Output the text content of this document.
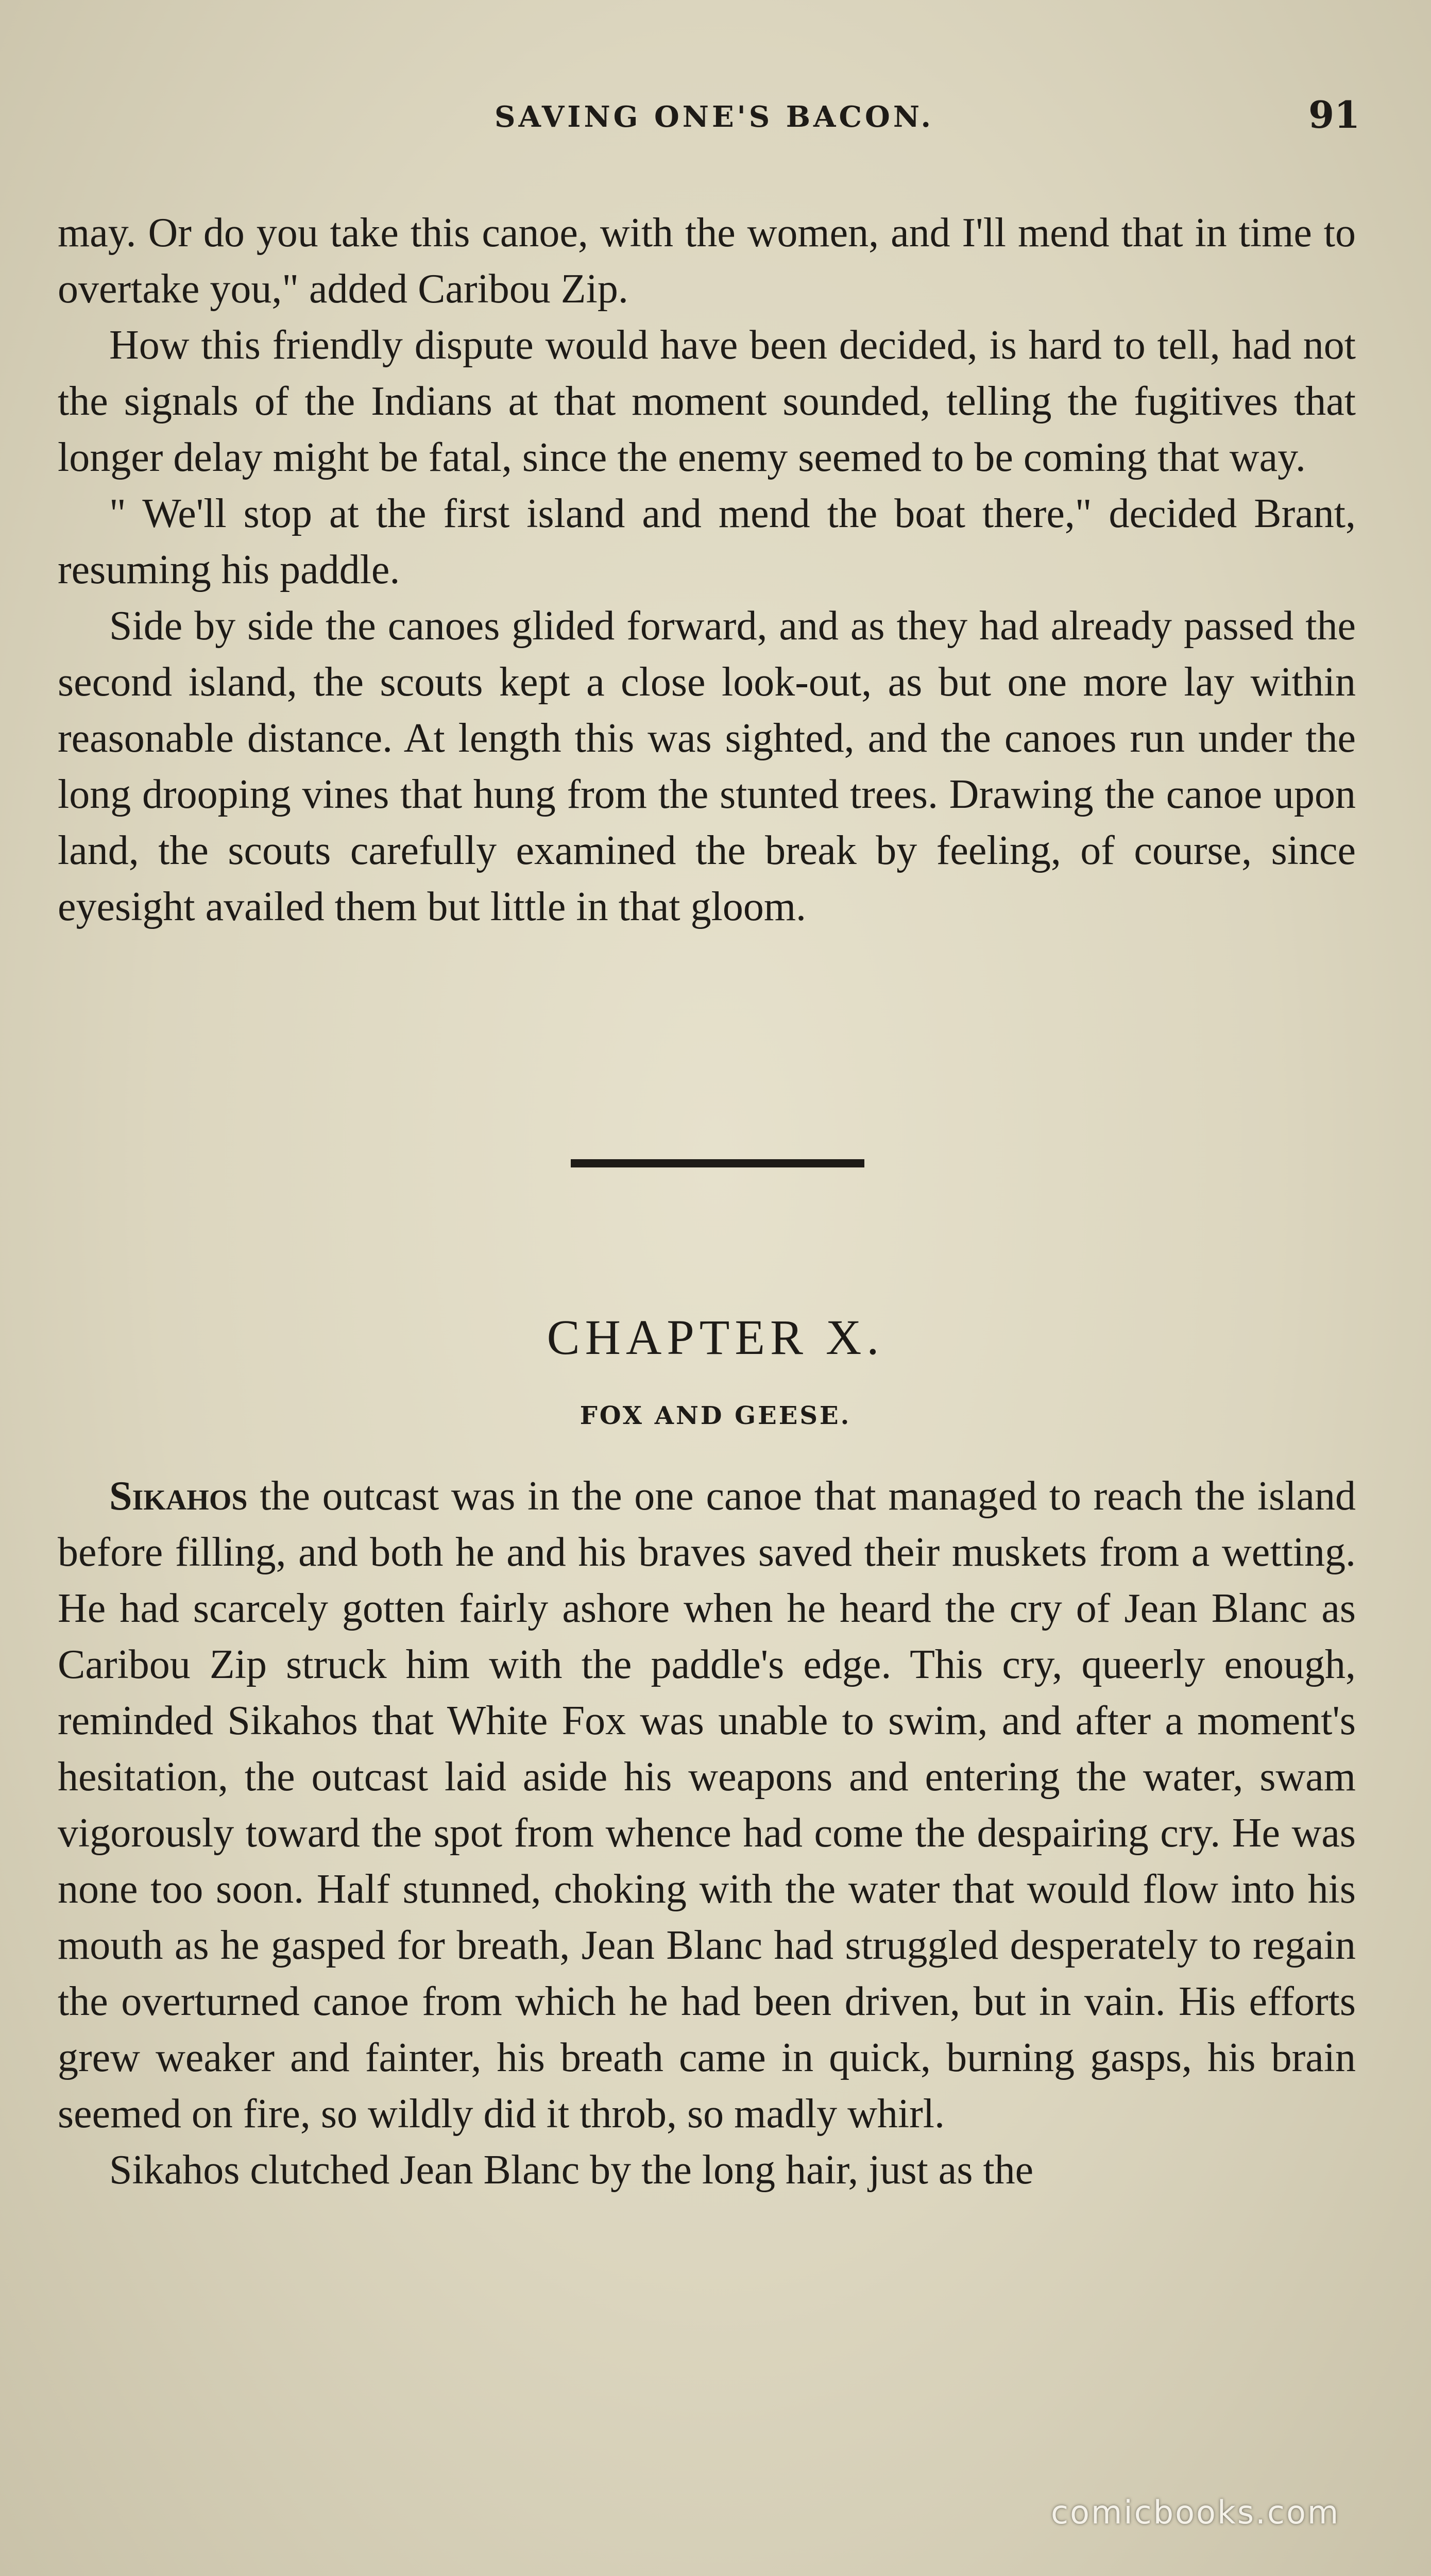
SAVING ONE'S BACON.	91

may. Or do you take this canoe, with the women, and I'll mend that in time to overtake you," added Caribou Zip.

How this friendly dispute would have been decided, is hard to tell, had not the signals of the Indians at that moment sounded, telling the fugitives that longer delay might be fatal, since the enemy seemed to be coming that way.

" We'll stop at the first island and mend the boat there," decided Brant, resuming his paddle.

Side by side the canoes glided forward, and as they had already passed the second island, the scouts kept a close look-out, as but one more lay within reasonable distance. At length this was sighted, and the canoes run under the long drooping vines that hung from the stunted trees. Drawing the canoe upon land, the scouts carefully examined the break by feeling, of course, since eyesight availed them but little in that gloom.

CHAPTER X.
FOX AND GEESE.

Sikahos the outcast was in the one canoe that managed to reach the island before filling, and both he and his braves saved their muskets from a wetting. He had scarcely gotten fairly ashore when he heard the cry of Jean Blanc as Caribou Zip struck him with the paddle's edge. This cry, queerly enough, reminded Sikahos that White Fox was unable to swim, and after a moment's hesitation, the outcast laid aside his weapons and entering the water, swam vigorously toward the spot from whence had come the despairing cry. He was none too soon. Half stunned, choking with the water that would flow into his mouth as he gasped for breath, Jean Blanc had struggled desperately to regain the overturned canoe from which he had been driven, but in vain. His efforts grew weaker and fainter, his breath came in quick, burning gasps, his brain seemed on fire, so wildly did it throb, so madly whirl.

Sikahos clutched Jean Blanc by the long hair, just as the

comicbooks.com
